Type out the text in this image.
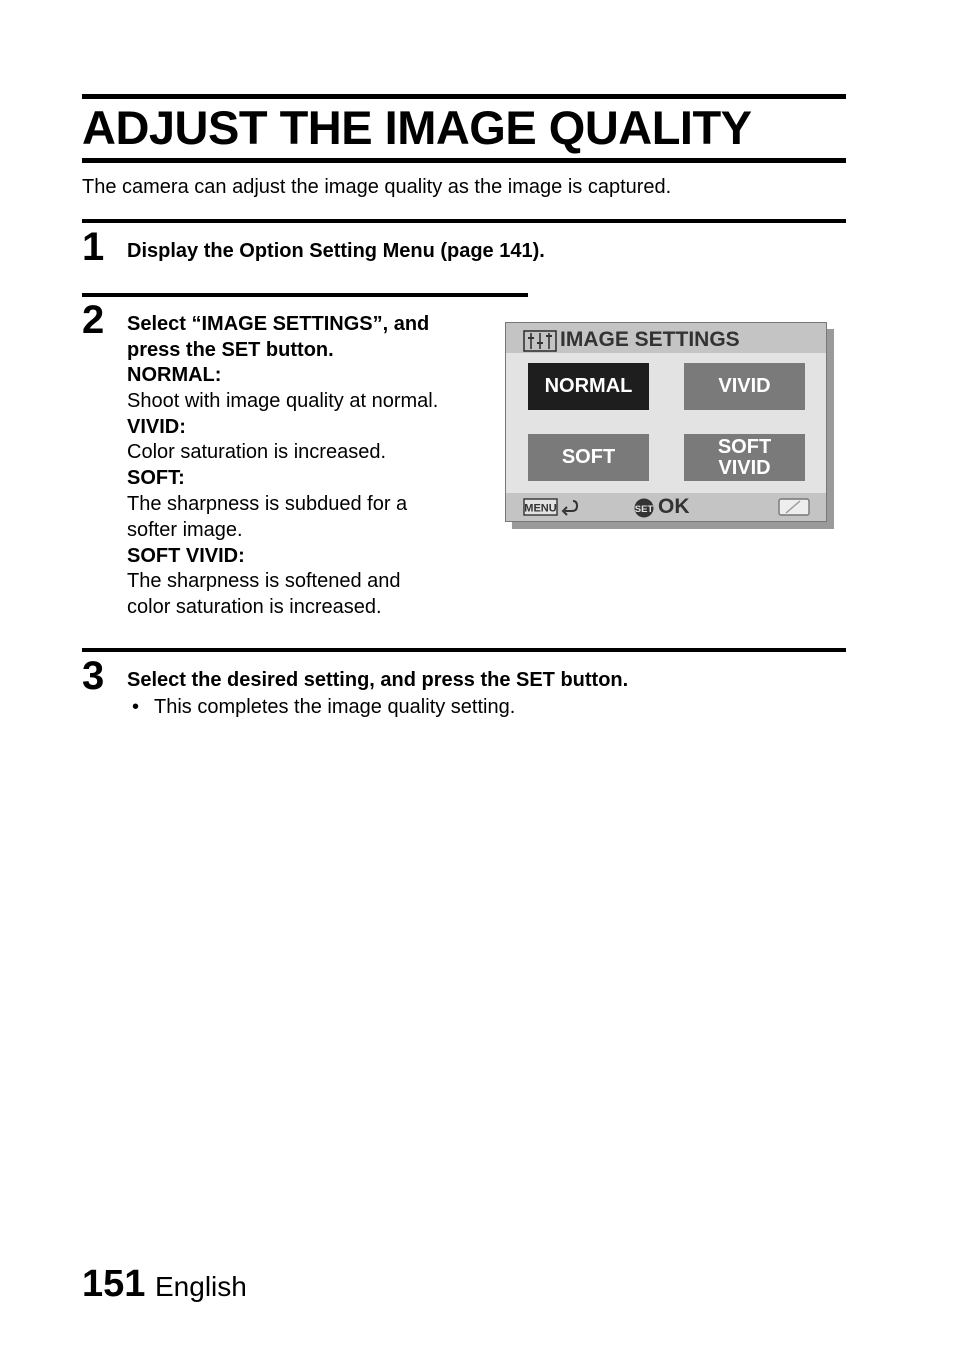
ADJUST THE IMAGE QUALITY
The camera can adjust the image quality as the image is captured.
1 Display the Option Setting Menu (page 141).
2 Select “IMAGE SETTINGS”, and
press the SET button.
NORMAL:
Shoot with image quality at normal.
VIVID:
Color saturation is increased.
SOFT:
The sharpness is subdued for a
softer image.
SOFT VIVID:
The sharpness is softened and
color saturation is increased.
IMAGE SETTINGS
NORMAL	VIVID
SOFT	SOFT
VIVID
MENU	SET OK
3 Select the desired setting, and press the SET button.
• This completes the image quality setting.
151 English
